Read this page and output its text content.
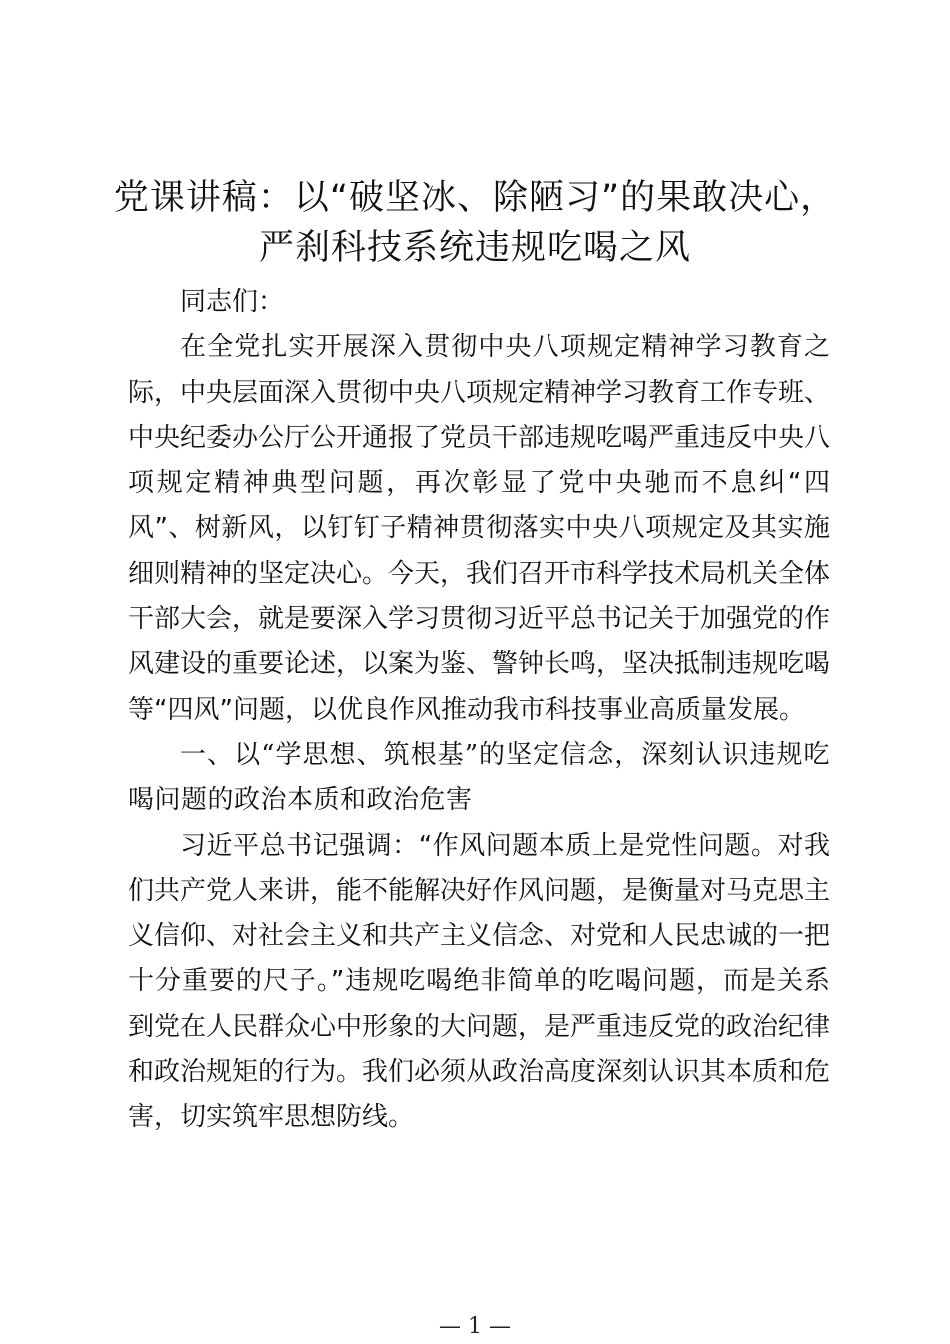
党课讲稿：以“破坚冰、除陋习”的果敢决心，
严刹科技系统违规吃喝之风

同志们：

在全党扎实开展深入贯彻中央八项规定精神学习教育之际，中央层面深入贯彻中央八项规定精神学习教育工作专班、中央纪委办公厅公开通报了党员干部违规吃喝严重违反中央八项规定精神典型问题，再次彰显了党中央驰而不息纠“四风”、树新风，以钉钉子精神贯彻落实中央八项规定及其实施细则精神的坚定决心。今天，我们召开市科学技术局机关全体干部大会，就是要深入学习贯彻习近平总书记关于加强党的作风建设的重要论述，以案为鉴、警钟长鸣，坚决抵制违规吃喝等“四风”问题，以优良作风推动我市科技事业高质量发展。

一、以“学思想、筑根基”的坚定信念，深刻认识违规吃喝问题的政治本质和政治危害

习近平总书记强调：“作风问题本质上是党性问题。对我们共产党人来讲，能不能解决好作风问题，是衡量对马克思主义信仰、对社会主义和共产主义信念、对党和人民忠诚的一把十分重要的尺子。”违规吃喝绝非简单的吃喝问题，而是关系到党在人民群众心中形象的大问题，是严重违反党的政治纪律和政治规矩的行为。我们必须从政治高度深刻认识其本质和危害，切实筑牢思想防线。

— 1 —
